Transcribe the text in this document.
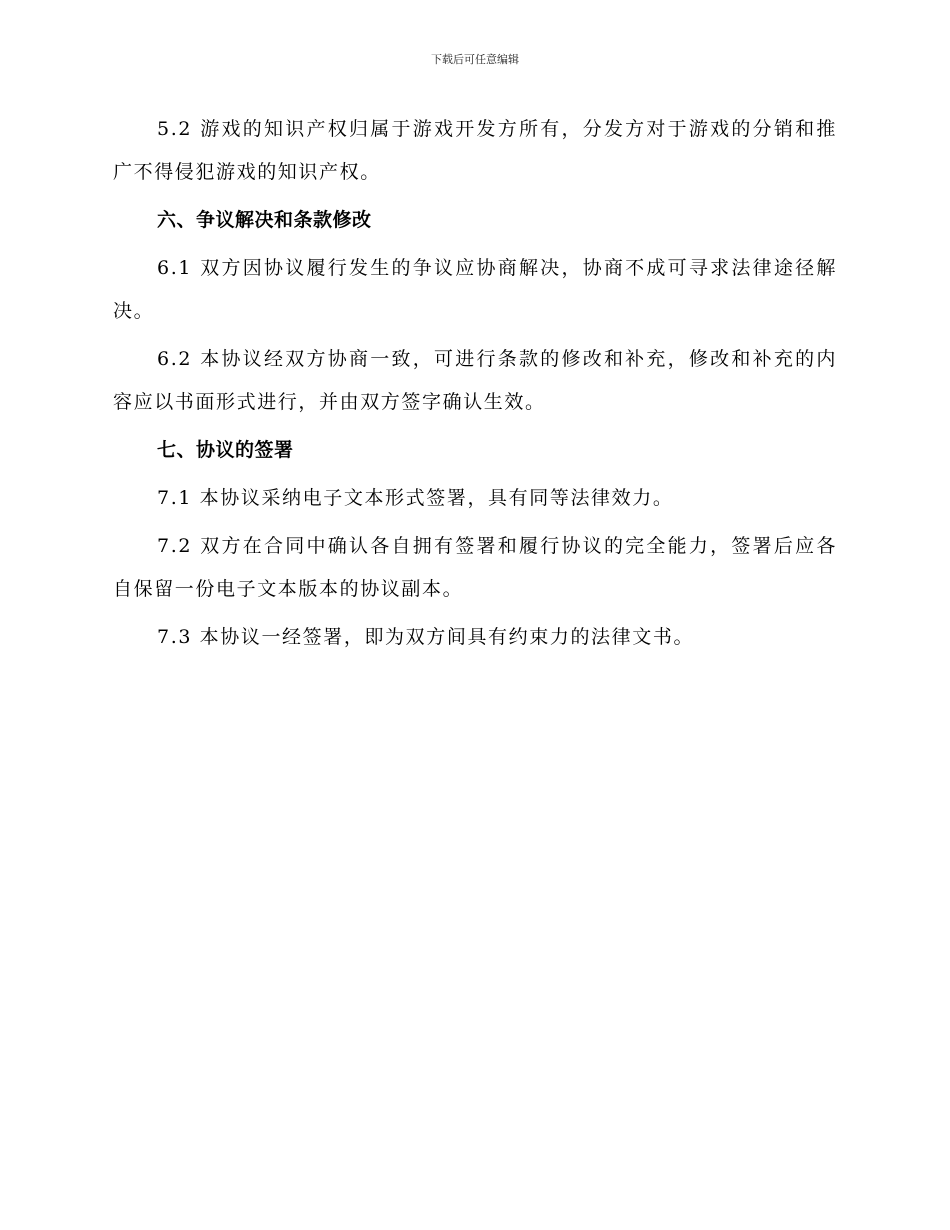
下载后可任意编辑

5.2 游戏的知识产权归属于游戏开发方所有，分发方对于游戏的分销和推广不得侵犯游戏的知识产权。

六、争议解决和条款修改

6.1 双方因协议履行发生的争议应协商解决，协商不成可寻求法律途径解决。

6.2 本协议经双方协商一致，可进行条款的修改和补充，修改和补充的内容应以书面形式进行，并由双方签字确认生效。

七、协议的签署

7.1 本协议采纳电子文本形式签署，具有同等法律效力。

7.2 双方在合同中确认各自拥有签署和履行协议的完全能力，签署后应各自保留一份电子文本版本的协议副本。

7.3 本协议一经签署，即为双方间具有约束力的法律文书。
